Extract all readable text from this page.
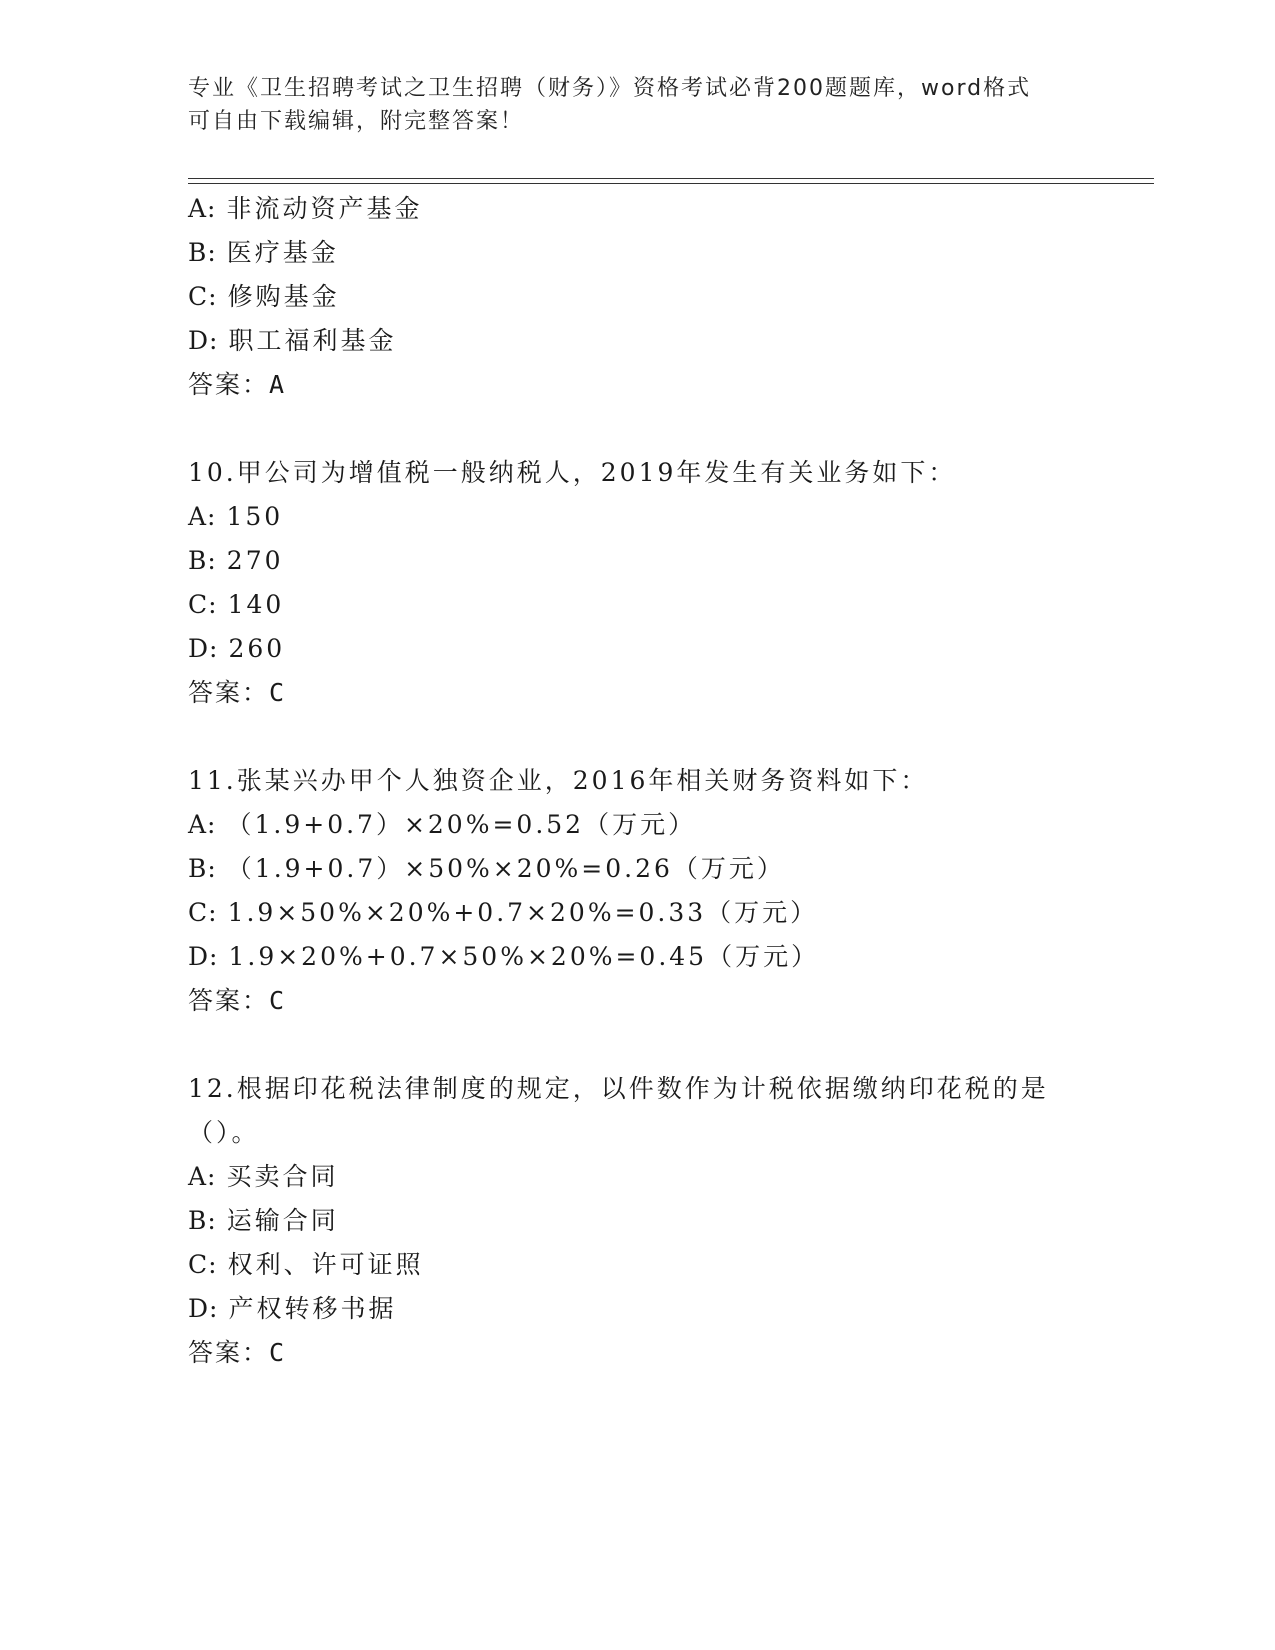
专业《卫生招聘考试之卫生招聘（财务）》资格考试必背200题题库，word格式
可自由下载编辑，附完整答案！
A: 非流动资产基金
B: 医疗基金
C: 修购基金
D: 职工福利基金
答案：A
10.甲公司为增值税一般纳税人，2019年发生有关业务如下：
A: 150
B: 270
C: 140
D: 260
答案：C
11.张某兴办甲个人独资企业，2016年相关财务资料如下：
A: （1.9+0.7）×20%=0.52（万元）
B: （1.9+0.7）×50%×20%=0.26（万元）
C: 1.9×50%×20%+0.7×20%=0.33（万元）
D: 1.9×20%+0.7×50%×20%=0.45（万元）
答案：C
12.根据印花税法律制度的规定，以件数作为计税依据缴纳印花税的是
（）。
A: 买卖合同
B: 运输合同
C: 权利、许可证照
D: 产权转移书据
答案：C
